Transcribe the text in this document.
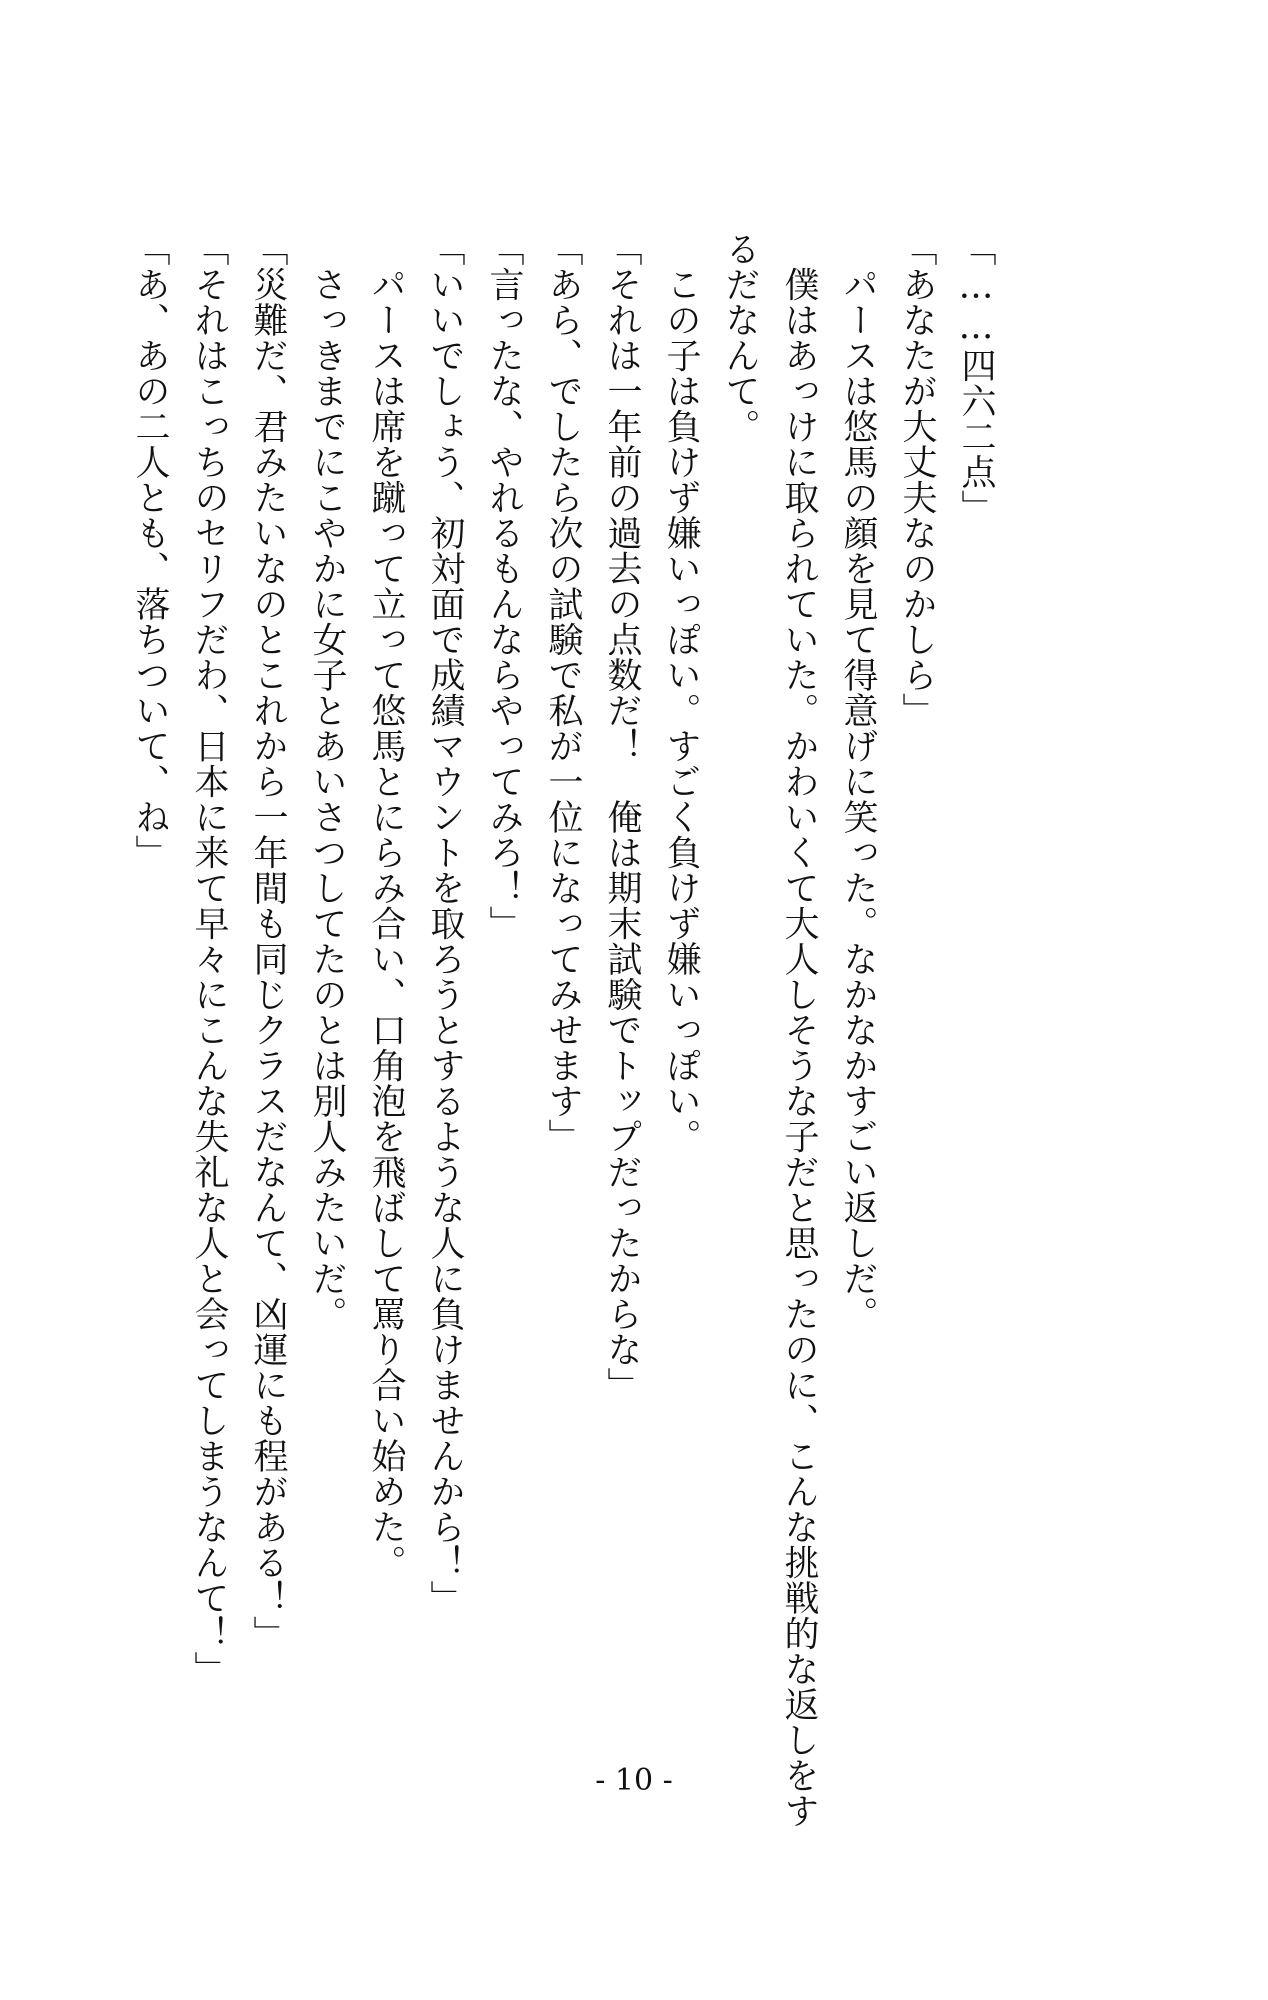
「……四六二点」
「あなたが大丈夫なのかしら」
　パースは悠馬の顔を見て得意げに笑った。なかなかすごい返しだ。
　僕はあっけに取られていた。かわいくて大人しそうな子だと思ったのに、こんな挑戦的な返しをす
るだなんて。
　この子は負けず嫌いっぽい。すごく負けず嫌いっぽい。
「それは一年前の過去の点数だ！　俺は期末試験でトップだったからな」
「あら、でしたら次の試験で私が一位になってみせます」
「言ったな、やれるもんならやってみろ！」
「いいでしょう、初対面で成績マウントを取ろうとするような人に負けませんから！」
　パースは席を蹴って立って悠馬とにらみ合い、口角泡を飛ばして罵り合い始めた。
　さっきまでにこやかに女子とあいさつしてたのとは別人みたいだ。
「災難だ、君みたいなのとこれから一年間も同じクラスだなんて、凶運にも程がある！」
「それはこっちのセリフだわ、日本に来て早々にこんな失礼な人と会ってしまうなんて！」
「あ、あの二人とも、落ちついて、ね」
- 10 -
